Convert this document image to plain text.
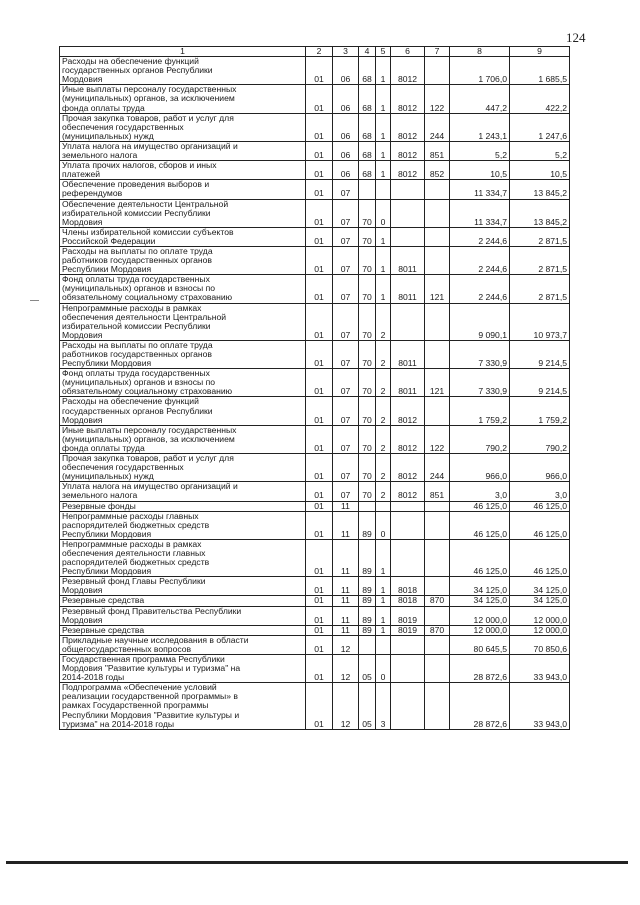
124
1	2	3	4	5	6	7	8	9
Расходы на обеспечение функций
государственных органов Республики
Мордовия	01	06	68	1	8012		1 706,0	1 685,5
Иные выплаты персоналу государственных
(муниципальных) органов, за исключением
фонда оплаты труда	01	06	68	1	8012	122	447,2	422,2
Прочая закупка товаров, работ и услуг для
обеспечения государственных
(муниципальных) нужд	01	06	68	1	8012	244	1 243,1	1 247,6
Уплата налога на имущество организаций и
земельного налога	01	06	68	1	8012	851	5,2	5,2
Уплата прочих налогов, сборов и иных
платежей	01	06	68	1	8012	852	10,5	10,5
Обеспечение проведения выборов и
референдумов	01	07					11 334,7	13 845,2
Обеспечение деятельности Центральной
избирательной комиссии Республики
Мордовия	01	07	70	0			11 334,7	13 845,2
Члены избирательной комиссии субъектов
Российской Федерации	01	07	70	1			2 244,6	2 871,5
Расходы на выплаты по оплате труда
работников государственных органов
Республики Мордовия	01	07	70	1	8011		2 244,6	2 871,5
Фонд оплаты труда государственных
(муниципальных) органов и взносы по
обязательному социальному страхованию	01	07	70	1	8011	121	2 244,6	2 871,5
Непрограммные расходы в рамках
обеспечения деятельности Центральной
избирательной комиссии Республики
Мордовия	01	07	70	2			9 090,1	10 973,7
Расходы на выплаты по оплате труда
работников государственных органов
Республики Мордовия	01	07	70	2	8011		7 330,9	9 214,5
Фонд оплаты труда государственных
(муниципальных) органов и взносы по
обязательному социальному страхованию	01	07	70	2	8011	121	7 330,9	9 214,5
Расходы на обеспечение функций
государственных органов Республики
Мордовия	01	07	70	2	8012		1 759,2	1 759,2
Иные выплаты персоналу государственных
(муниципальных) органов, за исключением
фонда оплаты труда	01	07	70	2	8012	122	790,2	790,2
Прочая закупка товаров, работ и услуг для
обеспечения государственных
(муниципальных) нужд	01	07	70	2	8012	244	966,0	966,0
Уплата налога на имущество организаций и
земельного налога	01	07	70	2	8012	851	3,0	3,0
Резервные фонды	01	11					46 125,0	46 125,0
Непрограммные расходы главных
распорядителей бюджетных средств
Республики Мордовия	01	11	89	0			46 125,0	46 125,0
Непрограммные расходы в рамках
обеспечения деятельности главных
распорядителей бюджетных средств
Республики Мордовия	01	11	89	1			46 125,0	46 125,0
Резервный фонд Главы Республики
Мордовия	01	11	89	1	8018		34 125,0	34 125,0
Резервные средства	01	11	89	1	8018	870	34 125,0	34 125,0
Резервный фонд Правительства Республики
Мордовия	01	11	89	1	8019		12 000,0	12 000,0
Резервные средства	01	11	89	1	8019	870	12 000,0	12 000,0
Прикладные научные исследования в области
общегосударственных вопросов	01	12					80 645,5	70 850,6
Государственная программа Республики
Мордовия "Развитие культуры и туризма" на
2014-2018 годы	01	12	05	0			28 872,6	33 943,0
Подпрограмма «Обеспечение условий
реализации государственной программы» в
рамках Государственной программы
Республики Мордовия "Развитие культуры и
туризма" на 2014-2018 годы	01	12	05	3			28 872,6	33 943,0
